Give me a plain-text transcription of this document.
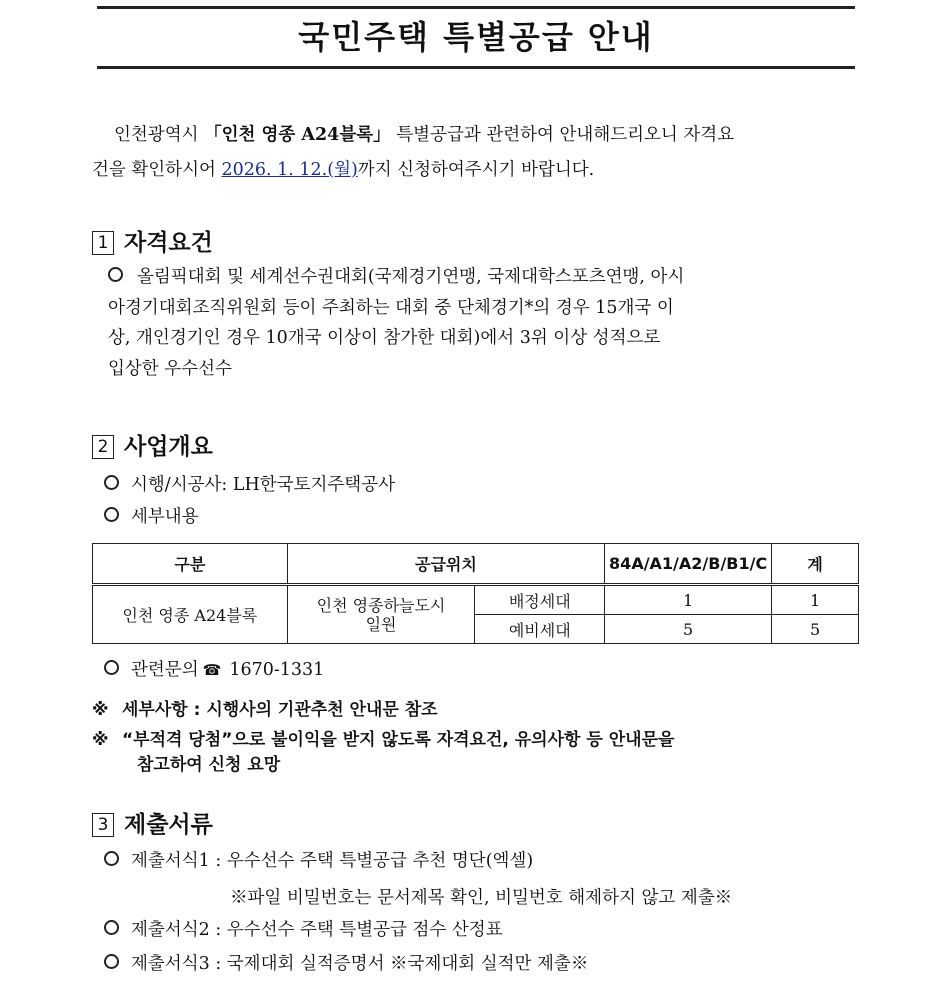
국민주택 특별공급 안내
인천광역시 「인천 영종 A24블록」 특별공급과 관련하여 안내해드리오니 자격요
건을 확인하시어 2026. 1. 12.(월)까지 신청하여주시기 바랍니다.
1 자격요건
올림픽대회 및 세계선수권대회(국제경기연맹, 국제대학스포츠연맹, 아시
아경기대회조직위원회 등이 주최하는 대회 중 단체경기*의 경우 15개국 이
상, 개인경기인 경우 10개국 이상이 참가한 대회)에서 3위 이상 성적으로
입상한 우수선수
2 사업개요
시행/시공사: LH한국토지주택공사
세부내용
구분	공급위치		84A/A1/A2/B/B1/C	계
인천 영종 A24블록	인천 영종하늘도시
일원	배정세대	1	1
		예비세대	5	5
관련문의 ☎ 1670-1331
※ 세부사항 : 시행사의 기관추천 안내문 참조
※ “부적격 당첨”으로 불이익을 받지 않도록 자격요건, 유의사항 등 안내문을
참고하여 신청 요망
3 제출서류
제출서식1 : 우수선수 주택 특별공급 추천 명단(엑셀)
※파일 비밀번호는 문서제목 확인, 비밀번호 해제하지 않고 제출※
제출서식2 : 우수선수 주택 특별공급 점수 산정표
제출서식3 : 국제대회 실적증명서 ※국제대회 실적만 제출※
